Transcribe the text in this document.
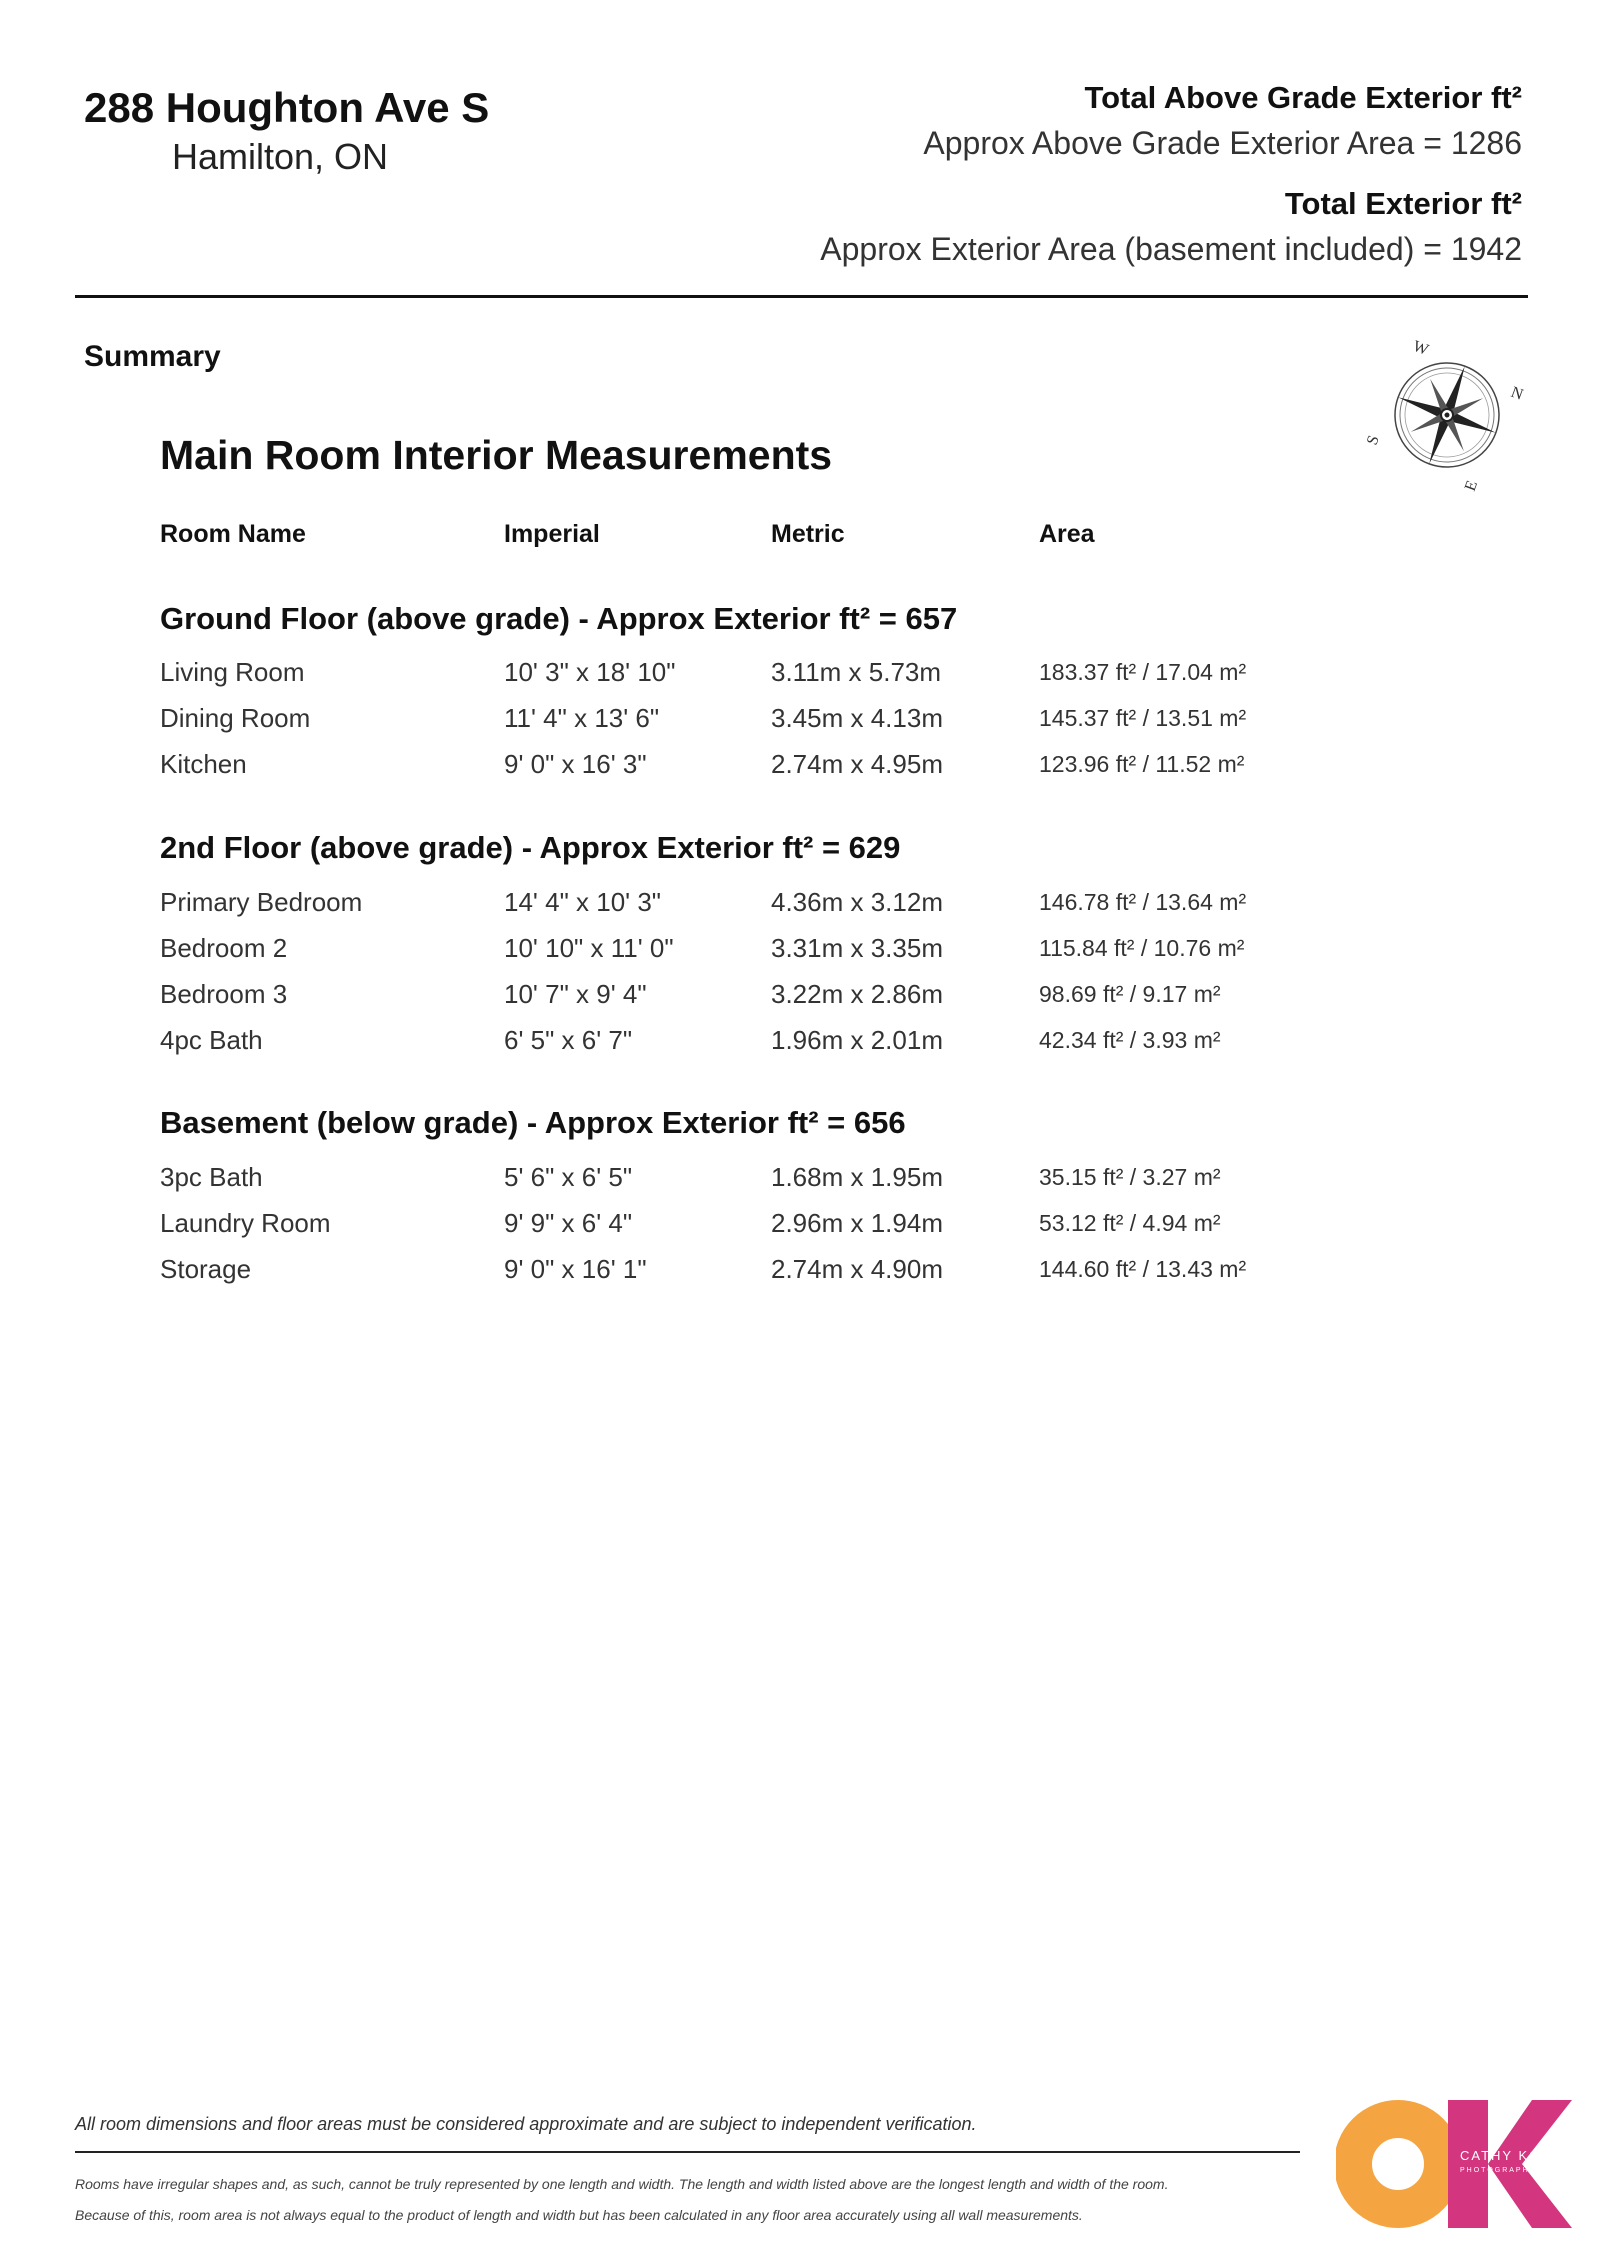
288 Houghton Ave S
Hamilton, ON
Total Above Grade Exterior ft²
Approx Above Grade Exterior Area = 1286
Total Exterior ft²
Approx Exterior Area (basement included) = 1942
Summary	W
N
S
E
Main Room Interior Measurements
Room Name	Imperial	Metric	Area
Ground Floor (above grade) - Approx Exterior ft² = 657
Living Room	10' 3" x 18' 10"	3.11m x 5.73m	183.37 ft² / 17.04 m²
Dining Room	11' 4" x 13' 6"	3.45m x 4.13m	145.37 ft² / 13.51 m²
Kitchen	9' 0" x 16' 3"	2.74m x 4.95m	123.96 ft² / 11.52 m²
2nd Floor (above grade) - Approx Exterior ft² = 629
Primary Bedroom	14' 4" x 10' 3"	4.36m x 3.12m	146.78 ft² / 13.64 m²
Bedroom 2	10' 10" x 11' 0"	3.31m x 3.35m	115.84 ft² / 10.76 m²
Bedroom 3	10' 7" x 9' 4"	3.22m x 2.86m	98.69 ft² / 9.17 m²
4pc Bath	6' 5" x 6' 7"	1.96m x 2.01m	42.34 ft² / 3.93 m²
Basement (below grade) - Approx Exterior ft² = 656
3pc Bath	5' 6" x 6' 5"	1.68m x 1.95m	35.15 ft² / 3.27 m²
Laundry Room	9' 9" x 6' 4"	2.96m x 1.94m	53.12 ft² / 4.94 m²
Storage	9' 0" x 16' 1"	2.74m x 4.90m	144.60 ft² / 13.43 m²
All room dimensions and floor areas must be considered approximate and are subject to independent verification.
Rooms have irregular shapes and, as such, cannot be truly represented by one length and width. The length and width listed above are the longest length and width of the room.
Because of this, room area is not always equal to the product of length and width but has been calculated in any floor area accurately using all wall measurements.
CATHY KOOP
PHOTOGRAPHY
